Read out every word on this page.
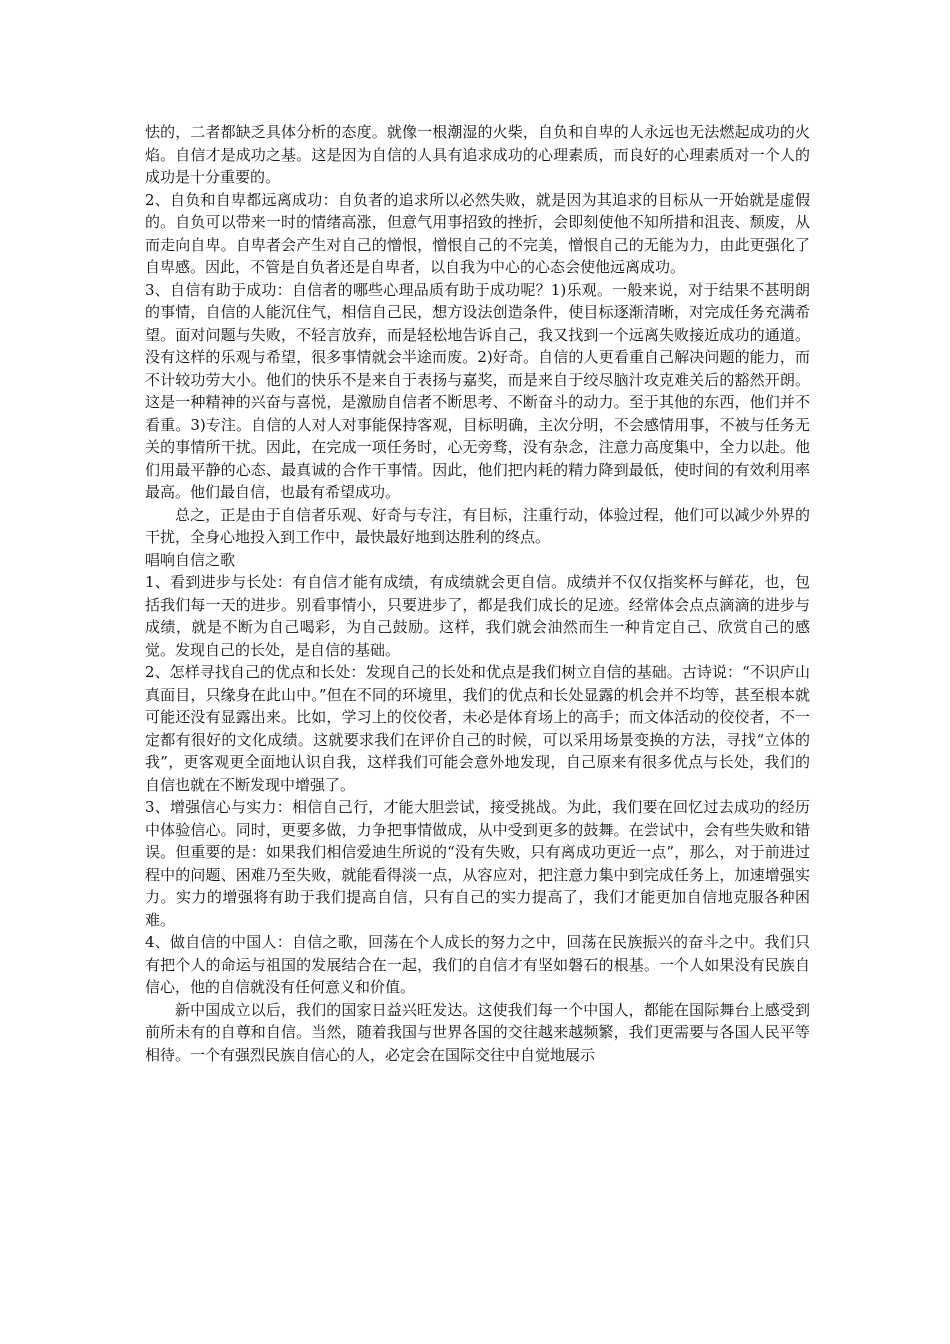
怯的，二者都缺乏具体分析的态度。就像一根潮湿的火柴，自负和自卑的人永远也无法燃起成功的火焰。自信才是成功之基。这是因为自信的人具有追求成功的心理素质，而良好的心理素质对一个人的成功是十分重要的。

2、自负和自卑都远离成功：自负者的追求所以必然失败，就是因为其追求的目标从一开始就是虚假的。自负可以带来一时的情绪高涨，但意气用事招致的挫折，会即刻使他不知所措和沮丧、颓废，从而走向自卑。自卑者会产生对自己的憎恨，憎恨自己的不完美，憎恨自己的无能为力，由此更强化了自卑感。因此，不管是自负者还是自卑者，以自我为中心的心态会使他远离成功。

3、自信有助于成功：自信者的哪些心理品质有助于成功呢？1)乐观。一般来说，对于结果不甚明朗的事情，自信的人能沉住气，相信自己民，想方设法创造条件，使目标逐渐清晰，对完成任务充满希望。面对问题与失败，不轻言放弃，而是轻松地告诉自己，我又找到一个远离失败接近成功的通道。没有这样的乐观与希望，很多事情就会半途而废。2)好奇。自信的人更看重自己解决问题的能力，而不计较功劳大小。他们的快乐不是来自于表扬与嘉奖，而是来自于绞尽脑汁攻克难关后的豁然开朗。这是一种精神的兴奋与喜悦，是激励自信者不断思考、不断奋斗的动力。至于其他的东西，他们并不看重。3)专注。自信的人对人对事能保持客观，目标明确，主次分明，不会感情用事，不被与任务无关的事情所干扰。因此，在完成一项任务时，心无旁骛，没有杂念，注意力高度集中，全力以赴。他们用最平静的心态、最真诚的合作干事情。因此，他们把内耗的精力降到最低，使时间的有效利用率最高。他们最自信，也最有希望成功。

总之，正是由于自信者乐观、好奇与专注，有目标，注重行动，体验过程，他们可以减少外界的干扰，全身心地投入到工作中，最快最好地到达胜利的终点。

唱响自信之歌

1、看到进步与长处：有自信才能有成绩，有成绩就会更自信。成绩并不仅仅指奖杯与鲜花，也，包括我们每一天的进步。别看事情小，只要进步了，都是我们成长的足迹。经常体会点点滴滴的进步与成绩，就是不断为自己喝彩，为自己鼓励。这样，我们就会油然而生一种肯定自己、欣赏自己的感觉。发现自己的长处，是自信的基础。

2、怎样寻找自己的优点和长处：发现自己的长处和优点是我们树立自信的基础。古诗说：“不识庐山真面目，只缘身在此山中。”但在不同的环境里，我们的优点和长处显露的机会并不均等，甚至根本就可能还没有显露出来。比如，学习上的佼佼者，未必是体育场上的高手；而文体活动的佼佼者，不一定都有很好的文化成绩。这就要求我们在评价自己的时候，可以采用场景变换的方法，寻找“立体的我”，更客观更全面地认识自我，这样我们可能会意外地发现，自己原来有很多优点与长处，我们的自信也就在不断发现中增强了。

3、增强信心与实力：相信自己行，才能大胆尝试，接受挑战。为此，我们要在回忆过去成功的经历中体验信心。同时，更要多做，力争把事情做成，从中受到更多的鼓舞。在尝试中，会有些失败和错误。但重要的是：如果我们相信爱迪生所说的“没有失败，只有离成功更近一点”，那么，对于前进过程中的问题、困难乃至失败，就能看得淡一点，从容应对，把注意力集中到完成任务上，加速增强实力。实力的增强将有助于我们提高自信，只有自己的实力提高了，我们才能更加自信地克服各种困难。

4、做自信的中国人：自信之歌，回荡在个人成长的努力之中，回荡在民族振兴的奋斗之中。我们只有把个人的命运与祖国的发展结合在一起，我们的自信才有坚如磐石的根基。一个人如果没有民族自信心，他的自信就没有任何意义和价值。

新中国成立以后，我们的国家日益兴旺发达。这使我们每一个中国人，都能在国际舞台上感受到前所未有的自尊和自信。当然，随着我国与世界各国的交往越来越频繁，我们更需要与各国人民平等相待。一个有强烈民族自信心的人，必定会在国际交往中自觉地展示
